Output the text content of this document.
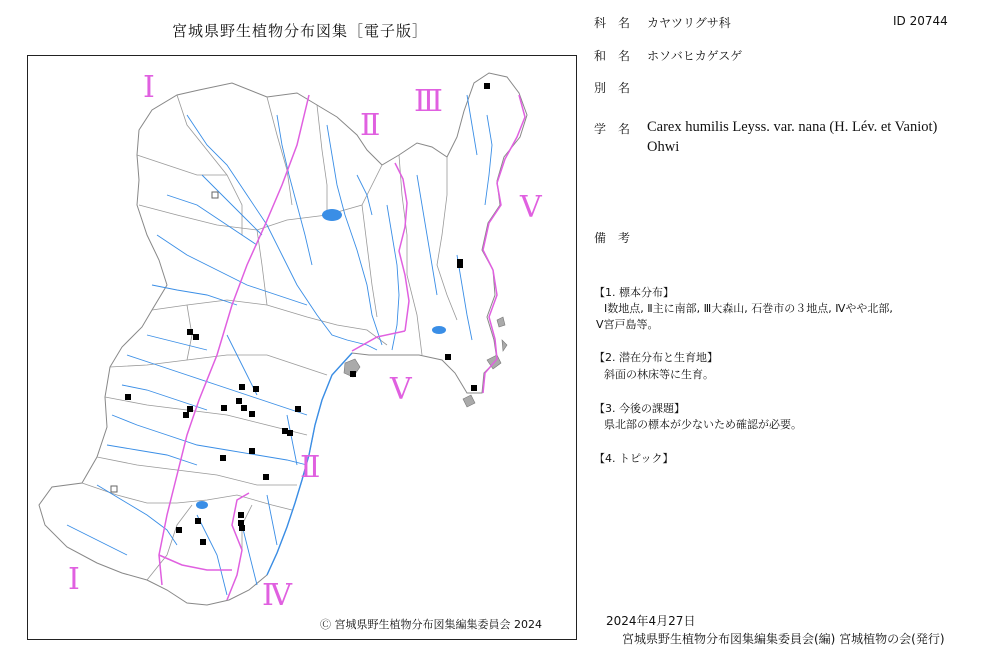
宮城県野生植物分布図集［電子版］
Ⅰ
Ⅱ
Ⅲ
Ⅴ
Ⅴ
Ⅱ
Ⅰ	Ⅳ
Ⓒ 宮城県野生植物分布図集編集委員会 2024
科　名 カヤツリグサ科	ID 20744
和　名 ホソバヒカゲスゲ
別　名
学　名 Carex humilis Leyss. var. nana (H. Lév. et Vaniot)
Ohwi
備　考
【1. 標本分布】
Ⅰ数地点, Ⅱ主に南部, Ⅲ大森山, 石巻市の３地点, Ⅳやや北部,
Ⅴ宮戸島等。
【2. 潜在分布と生育地】
斜面の林床等に生育。
【3. 今後の課題】
県北部の標本が少ないため確認が必要。
【4. トピック】
2024年4月27日
宮城県野生植物分布図集編集委員会(編) 宮城植物の会(発行)
